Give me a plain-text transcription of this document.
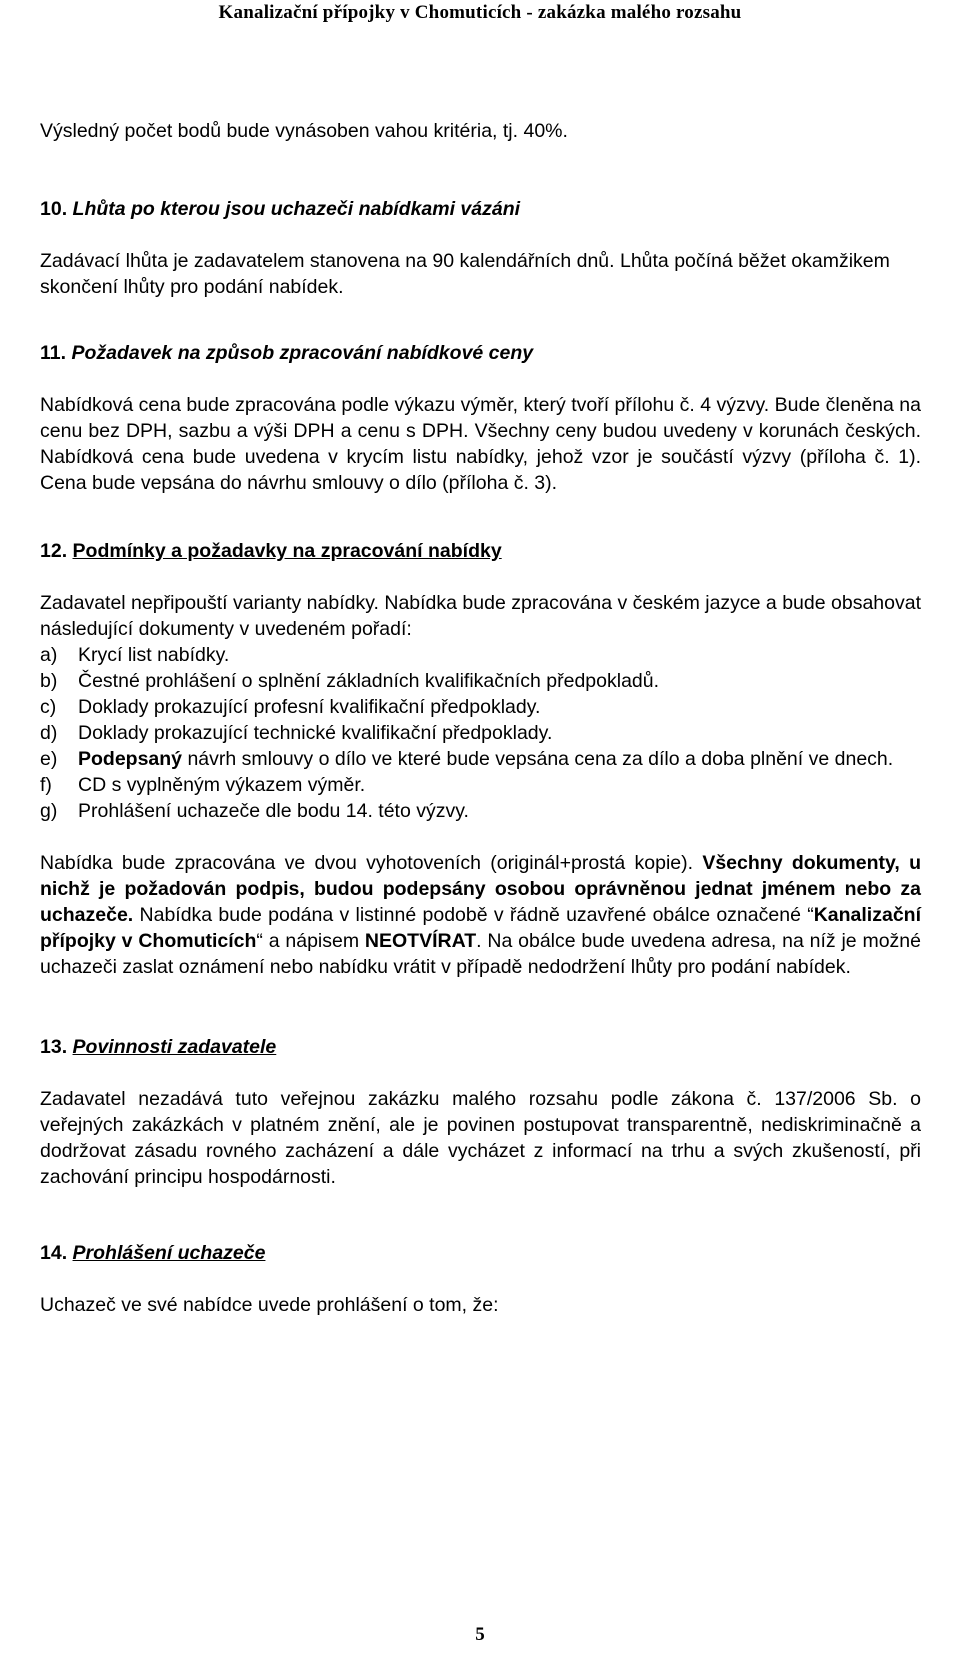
Kanalizační přípojky v Chomuticích - zakázka malého rozsahu

Výsledný počet bodů bude vynásoben vahou kritéria, tj. 40%.

10. Lhůta po kterou jsou uchazeči nabídkami vázáni

Zadávací lhůta je zadavatelem stanovena na 90 kalendářních dnů. Lhůta počíná běžet okamžikem skončení lhůty pro podání nabídek.

11. Požadavek na způsob zpracování nabídkové ceny

Nabídková cena bude zpracována podle výkazu výměr, který tvoří přílohu č. 4 výzvy. Bude členěna na cenu bez DPH, sazbu a výši DPH a cenu s DPH. Všechny ceny budou uvedeny v korunách českých. Nabídková cena bude uvedena v krycím listu nabídky, jehož vzor je součástí výzvy (příloha č. 1). Cena bude vepsána do návrhu smlouvy o dílo (příloha č. 3).

12. Podmínky a požadavky na zpracování nabídky

Zadavatel nepřipouští varianty nabídky. Nabídka bude zpracována v českém jazyce a bude obsahovat následující dokumenty v uvedeném pořadí:

a)	Krycí list nabídky.
b)	Čestné prohlášení o splnění základních kvalifikačních předpokladů.
c)	Doklady prokazující profesní kvalifikační předpoklady.
d)	Doklady prokazující technické kvalifikační předpoklady.
e)	Podepsaný návrh smlouvy o dílo ve které bude vepsána cena za dílo a doba plnění ve dnech.
f)	CD s vyplněným výkazem výměr.
g)	Prohlášení uchazeče dle bodu 14. této výzvy.

Nabídka bude zpracována ve dvou vyhotoveních (originál+prostá kopie). Všechny dokumenty, u nichž je požadován podpis, budou podepsány osobou oprávněnou jednat jménem nebo za uchazeče. Nabídka bude podána v listinné podobě v řádně uzavřené obálce označené “Kanalizační přípojky v Chomuticích“ a nápisem NEOTVÍRAT. Na obálce bude uvedena adresa, na níž je možné uchazeči zaslat oznámení nebo nabídku vrátit v případě nedodržení lhůty pro podání nabídek.

13. Povinnosti zadavatele

Zadavatel nezadává tuto veřejnou zakázku malého rozsahu podle zákona č. 137/2006 Sb. o veřejných zakázkách v platném znění, ale je povinen postupovat transparentně, nediskriminačně a dodržovat zásadu rovného zacházení a dále vycházet z informací na trhu a svých zkušeností, při zachování principu hospodárnosti.

14. Prohlášení uchazeče

Uchazeč ve své nabídce uvede prohlášení o tom, že:

5
